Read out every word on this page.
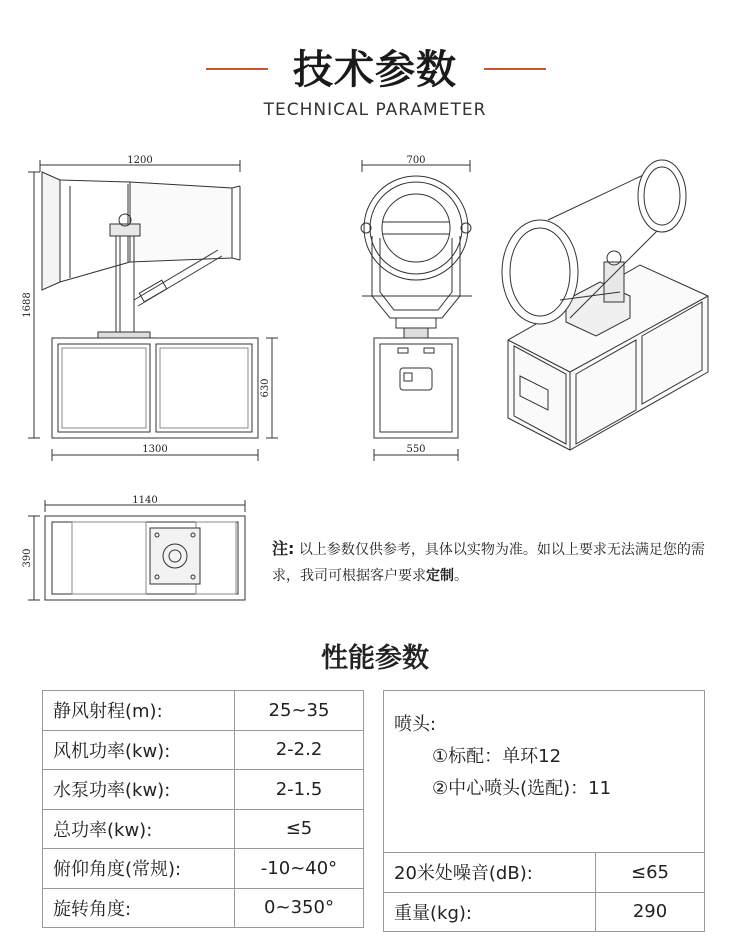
技术参数
TECHNICAL PARAMETER
1200
1688
630
1300
700
550
1140
390	注: 以上参数仅供参考，具体以实物为准。如以上要求无法满足您的需求，我司可根据客户要求定制。
性能参数
静风射程(m):	25~35
风机功率(kw):	2-2.2
水泵功率(kw):	2-1.5
总功率(kw):	≤5
俯仰角度(常规):	-10~40°
旋转角度:	0~350°
喷头:
①标配：单环12
②中心喷头(选配)：11	

20米处噪音(dB):	≤65
重量(kg):	290
